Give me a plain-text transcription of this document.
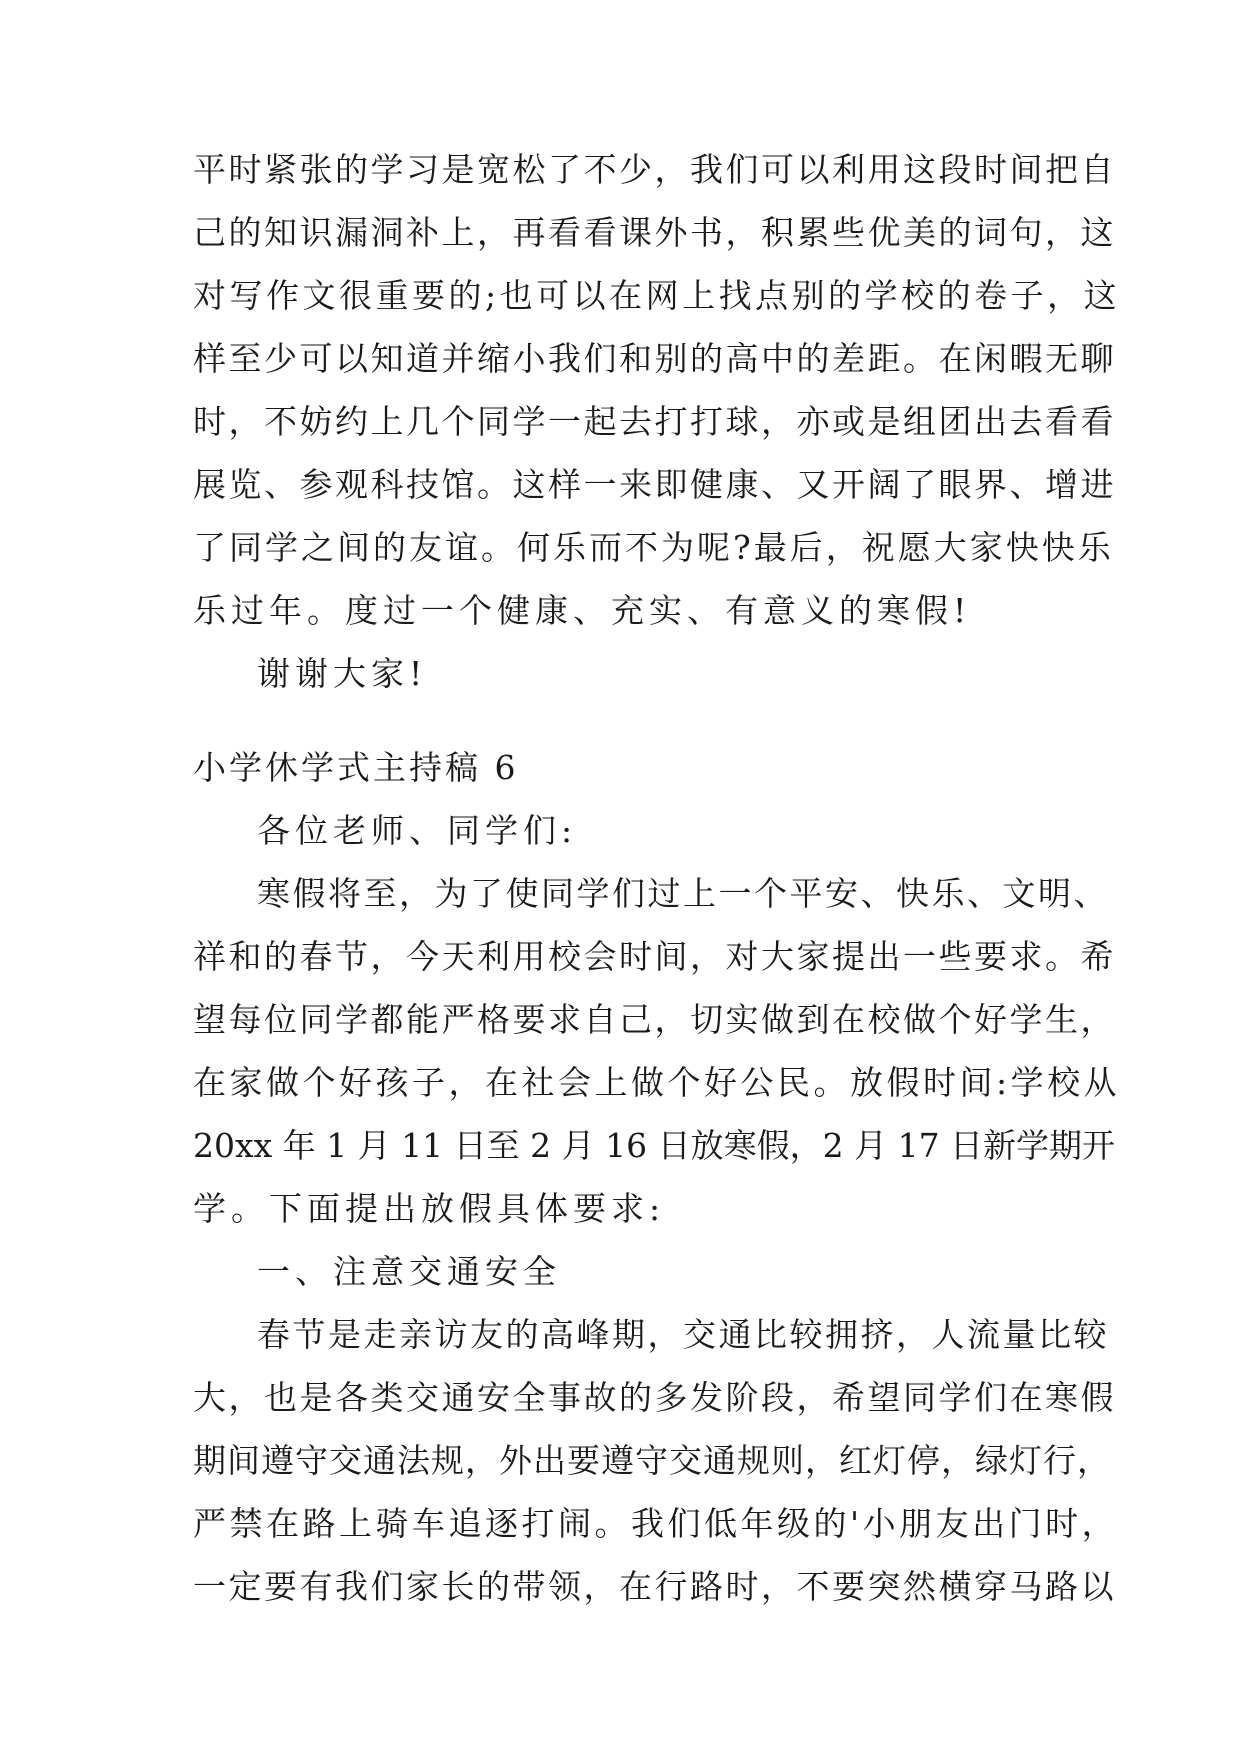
平时紧张的学习是宽松了不少，我们可以利用这段时间把自
己的知识漏洞补上，再看看课外书，积累些优美的词句，这
对写作文很重要的;也可以在网上找点别的学校的卷子，这
样至少可以知道并缩小我们和别的高中的差距。在闲暇无聊
时，不妨约上几个同学一起去打打球，亦或是组团出去看看
展览、参观科技馆。这样一来即健康、又开阔了眼界、增进
了同学之间的友谊。何乐而不为呢?最后，祝愿大家快快乐
乐过年。度过一个健康、充实、有意义的寒假!
谢谢大家!
小学休学式主持稿 6
各位老师、同学们:
寒假将至，为了使同学们过上一个平安、快乐、文明、
祥和的春节，今天利用校会时间，对大家提出一些要求。希
望每位同学都能严格要求自己，切实做到在校做个好学生，
在家做个好孩子，在社会上做个好公民。放假时间:学校从
20xx 年 1 月 11 日至 2 月 16 日放寒假，2 月 17 日新学期开
学。下面提出放假具体要求:
一、注意交通安全
春节是走亲访友的高峰期，交通比较拥挤，人流量比较
大，也是各类交通安全事故的多发阶段，希望同学们在寒假
期间遵守交通法规，外出要遵守交通规则，红灯停，绿灯行，
严禁在路上骑车追逐打闹。我们低年级的'小朋友出门时，
一定要有我们家长的带领，在行路时，不要突然横穿马路以
